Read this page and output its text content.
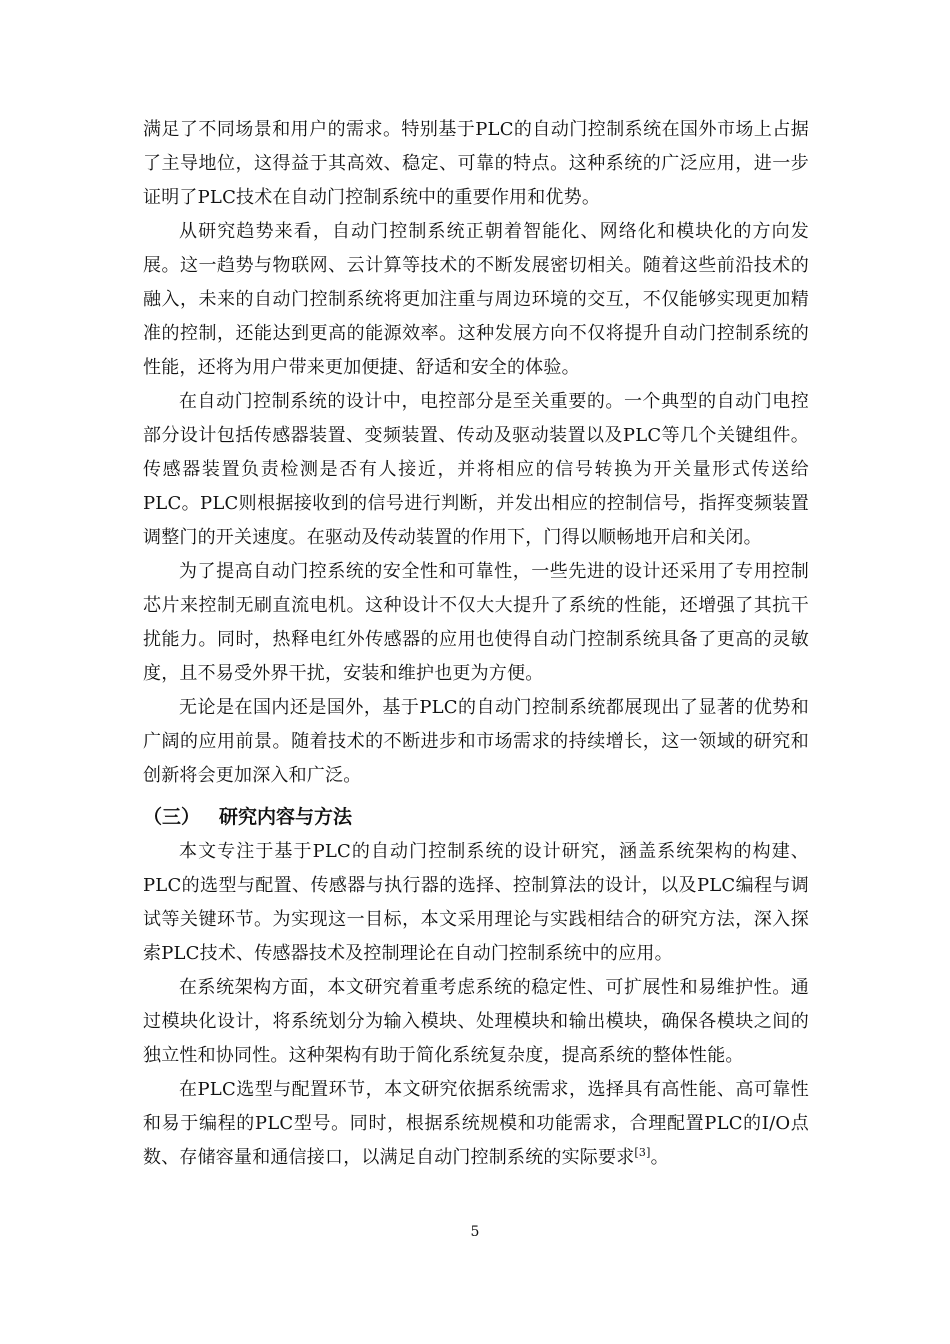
满足了不同场景和用户的需求。特别基于PLC的自动门控制系统在国外市场上占据了主导地位，这得益于其高效、稳定、可靠的特点。这种系统的广泛应用，进一步证明了PLC技术在自动门控制系统中的重要作用和优势。

从研究趋势来看，自动门控制系统正朝着智能化、网络化和模块化的方向发展。这一趋势与物联网、云计算等技术的不断发展密切相关。随着这些前沿技术的融入，未来的自动门控制系统将更加注重与周边环境的交互，不仅能够实现更加精准的控制，还能达到更高的能源效率。这种发展方向不仅将提升自动门控制系统的性能，还将为用户带来更加便捷、舒适和安全的体验。

在自动门控制系统的设计中，电控部分是至关重要的。一个典型的自动门电控部分设计包括传感器装置、变频装置、传动及驱动装置以及PLC等几个关键组件。传感器装置负责检测是否有人接近，并将相应的信号转换为开关量形式传送给PLC。PLC则根据接收到的信号进行判断，并发出相应的控制信号，指挥变频装置调整门的开关速度。在驱动及传动装置的作用下，门得以顺畅地开启和关闭。

为了提高自动门控系统的安全性和可靠性，一些先进的设计还采用了专用控制芯片来控制无刷直流电机。这种设计不仅大大提升了系统的性能，还增强了其抗干扰能力。同时，热释电红外传感器的应用也使得自动门控制系统具备了更高的灵敏度，且不易受外界干扰，安装和维护也更为方便。

无论是在国内还是国外，基于PLC的自动门控制系统都展现出了显著的优势和广阔的应用前景。随着技术的不断进步和市场需求的持续增长，这一领域的研究和创新将会更加深入和广泛。

（三） 研究内容与方法

本文专注于基于PLC的自动门控制系统的设计研究，涵盖系统架构的构建、PLC的选型与配置、传感器与执行器的选择、控制算法的设计，以及PLC编程与调试等关键环节。为实现这一目标，本文采用理论与实践相结合的研究方法，深入探索PLC技术、传感器技术及控制理论在自动门控制系统中的应用。

在系统架构方面，本文研究着重考虑系统的稳定性、可扩展性和易维护性。通过模块化设计，将系统划分为输入模块、处理模块和输出模块，确保各模块之间的独立性和协同性。这种架构有助于简化系统复杂度，提高系统的整体性能。

在PLC选型与配置环节，本文研究依据系统需求，选择具有高性能、高可靠性和易于编程的PLC型号。同时，根据系统规模和功能需求，合理配置PLC的I/O点数、存储容量和通信接口，以满足自动门控制系统的实际要求[3]。

5
